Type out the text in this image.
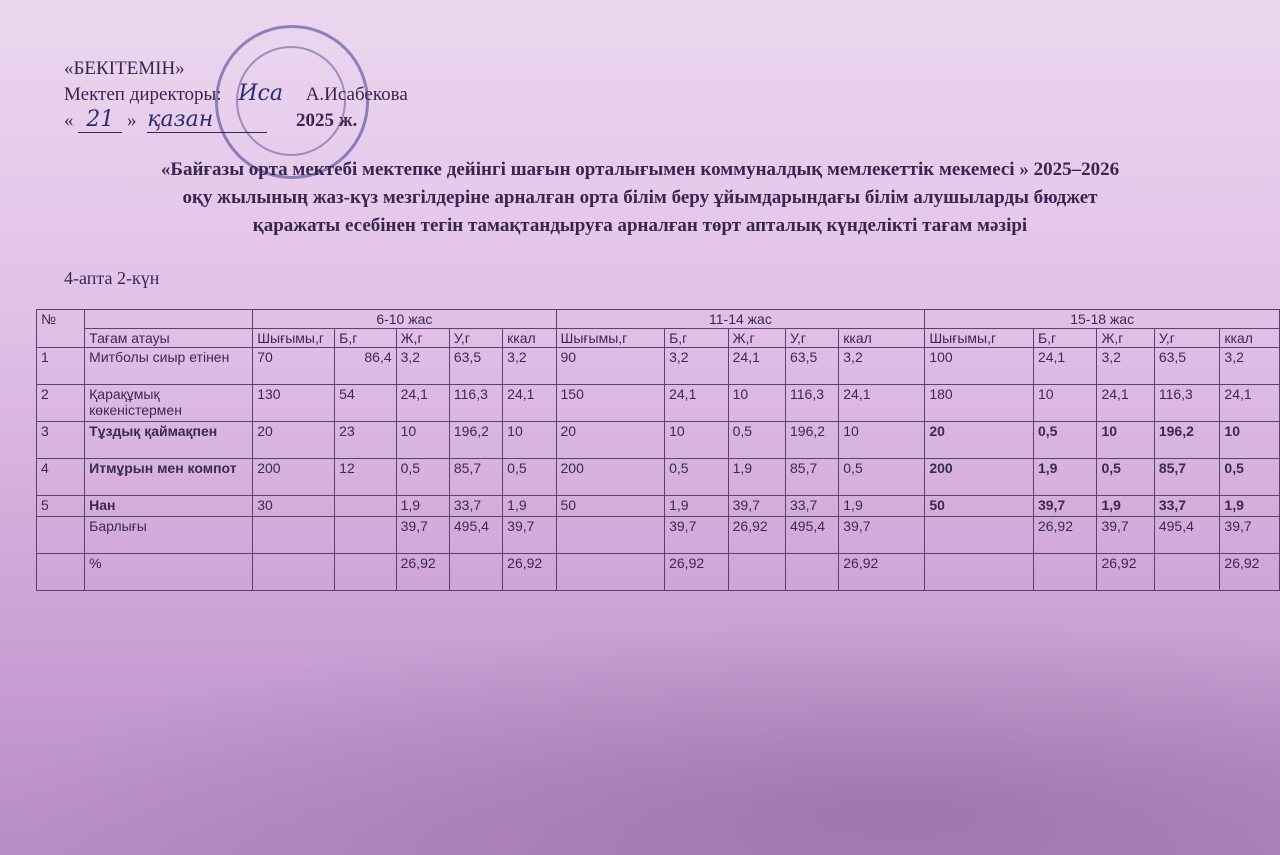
«БЕКІТЕМІН»
Мектеп директоры: Иса А.Исабекова
« 21 » қазан	2025 ж.
«Байғазы орта мектебі мектепке дейінгі шағын орталығымен коммуналдық мемлекеттік мекемесі » 2025–2026
оқу жылының жаз-күз мезгілдеріне арналған орта білім беру ұйымдарындағы білім алушыларды бюджет
қаражаты есебінен тегін тамақтандыруға арналған төрт апталық күнделікті тағам мәзірі
4-апта 2-күн
№		6-10 жас					11-14 жас					15-18 жас				
	Тағам атауы	Шығымы,г	Б,г	Ж,г	У,г	ккал	Шығымы,г	Б,г	Ж,г	У,г	ккал	Шығымы,г	Б,г	Ж,г	У,г	ккал
1	Митболы сиыр етінен	70	86,4	3,2	63,5	3,2	90	3,2	24,1	63,5	3,2	100	24,1	3,2	63,5	3,2
2	Қарақұмық көкеністермен	130	54	24,1	116,3	24,1	150	24,1	10	116,3	24,1	180	10	24,1	116,3	24,1
3	Тұздық қаймақпен	20	23	10	196,2	10	20	10	0,5	196,2	10	20	0,5	10	196,2	10
4	Итмұрын мен компот	200	12	0,5	85,7	0,5	200	0,5	1,9	85,7	0,5	200	1,9	0,5	85,7	0,5
5	Нан	30		1,9	33,7	1,9	50	1,9	39,7	33,7	1,9	50	39,7	1,9	33,7	1,9
	Барлығы			39,7	495,4	39,7		39,7	26,92	495,4	39,7		26,92	39,7	495,4	39,7
	%			26,92		26,92		26,92			26,92			26,92		26,92
